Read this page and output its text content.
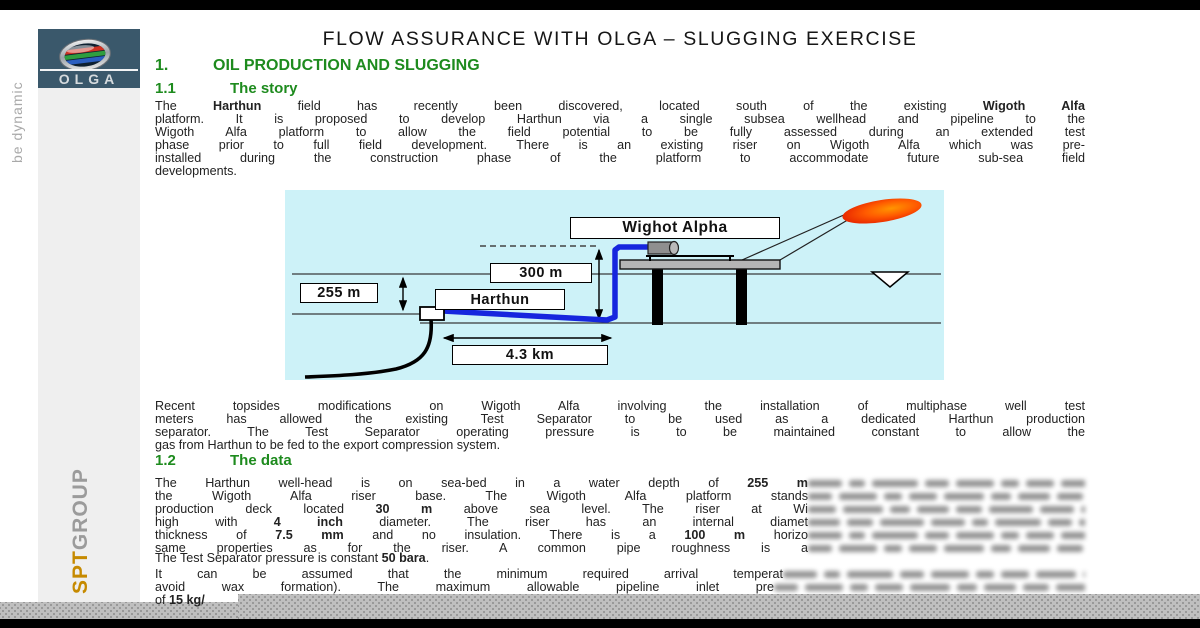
OLGA
be dynamic
SPTGROUP
FLOW ASSURANCE WITH OLGA – SLUGGING EXERCISE
1.	OIL PRODUCTION AND SLUGGING
1.1	The story
The Harthun field has recently been discovered, located south of the existing Wigoth Alfa
platform. It is proposed to develop Harthun via a single subsea wellhead and pipeline to the
Wigoth Alfa platform to allow the field potential to be fully assessed during an extended test
phase prior to full field development. There is an existing riser on Wigoth Alfa which was pre-
installed during the construction phase of the platform to accommodate future sub-sea field
developments.
Wighot Alpha
300 m
255 m	Harthun
4.3 km
Recent topsides modifications on Wigoth Alfa involving the installation of multiphase well test
meters has allowed the existing Test Separator to be used as a dedicated Harthun production
separator. The Test Separator operating pressure is to be maintained constant to allow the
gas from Harthun to be fed to the export compression system.
1.2	The data
The Harthun well-head is on sea-bed in a water depth of 255 m
the Wigoth Alfa riser base. The Wigoth Alfa platform stands
production deck located 30 m above sea level. The riser at Wi
high with 4 inch diameter. The riser has an internal diamet
thickness of 7.5 mm and no insulation. There is a 100 m horizo
same properties as for the riser. A common pipe roughness is a
The Test Separator pressure is constant 50 bara.
It can be assumed that the minimum required arrival temperat
avoid wax formation). The maximum allowable pipeline inlet pre
of 15 kg/
